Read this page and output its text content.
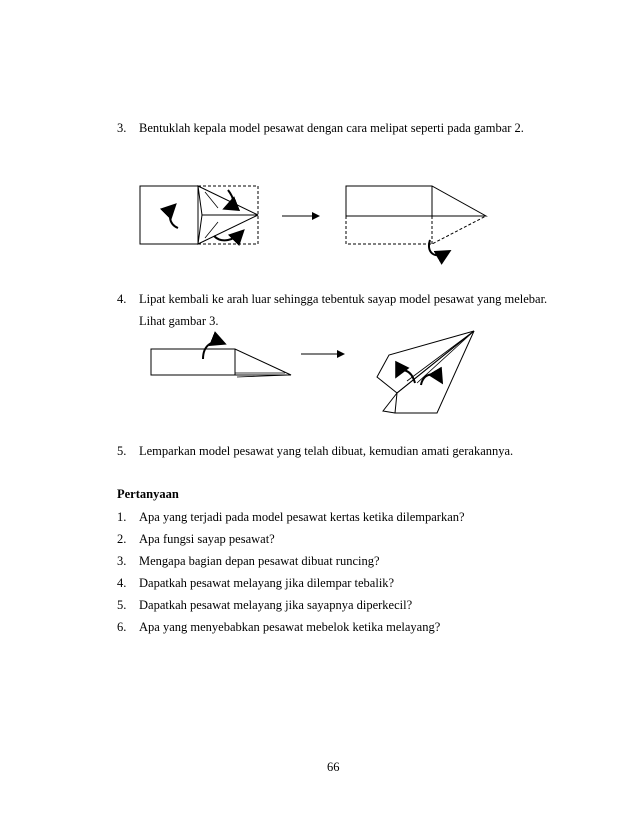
3. Bentuklah kepala model pesawat dengan cara melipat seperti pada gambar 2.
4. Lipat kembali ke arah luar sehingga tebentuk sayap model pesawat yang melebar.
Lihat gambar 3.
5. Lemparkan model pesawat yang telah dibuat, kemudian amati gerakannya.
Pertanyaan
1. Apa yang terjadi pada model pesawat kertas ketika dilemparkan?
2. Apa fungsi sayap pesawat?
3. Mengapa bagian depan pesawat dibuat runcing?
4. Dapatkah pesawat melayang jika dilempar tebalik?
5. Dapatkah pesawat melayang jika sayapnya diperkecil?
6. Apa yang menyebabkan pesawat mebelok ketika melayang?
66
